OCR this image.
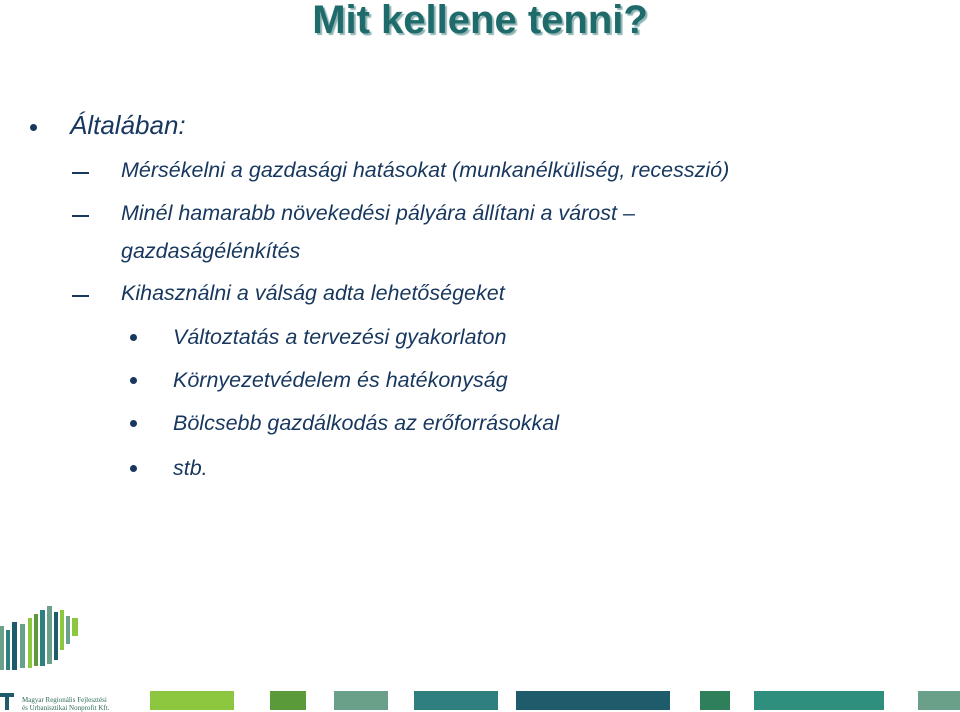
Mit kellene tenni?
Általában:
Mérsékelni a gazdasági hatásokat (munkanélküliség, recesszió)
Minél hamarabb növekedési pályára állítani a várost –
gazdaságélénkítés
Kihasználni a válság adta lehetőségeket
Változtatás a tervezési gyakorlaton
Környezetvédelem és hatékonyság
Bölcsebb gazdálkodás az erőforrásokkal
stb.
Magyar Regionális Fejlesztési
és Urbanisztikai Nonprofit Kft.
